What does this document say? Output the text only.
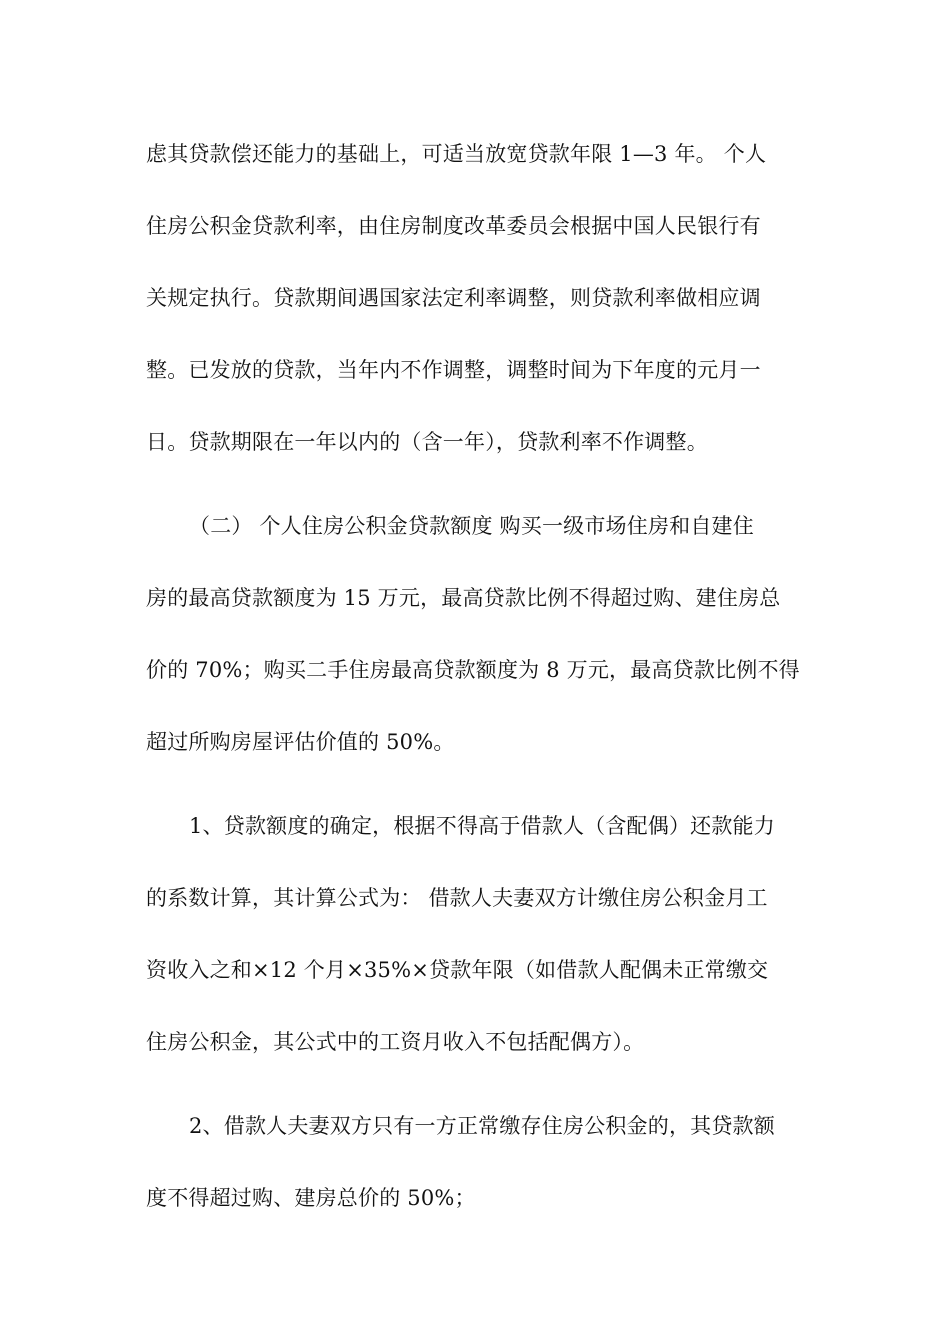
虑其贷款偿还能力的基础上，可适当放宽贷款年限 1—3 年。 个人
住房公积金贷款利率，由住房制度改革委员会根据中国人民银行有
关规定执行。贷款期间遇国家法定利率调整，则贷款利率做相应调
整。已发放的贷款，当年内不作调整，调整时间为下年度的元月一
日。贷款期限在一年以内的（含一年），贷款利率不作调整。
（二） 个人住房公积金贷款额度 购买一级市场住房和自建住
房的最高贷款额度为 15 万元，最高贷款比例不得超过购、建住房总
价的 70%；购买二手住房最高贷款额度为 8 万元，最高贷款比例不得
超过所购房屋评估价值的 50%。
1、贷款额度的确定，根据不得高于借款人（含配偶）还款能力
的系数计算，其计算公式为： 借款人夫妻双方计缴住房公积金月工
资收入之和×12 个月×35%×贷款年限（如借款人配偶未正常缴交
住房公积金，其公式中的工资月收入不包括配偶方）。
2、借款人夫妻双方只有一方正常缴存住房公积金的，其贷款额
度不得超过购、建房总价的 50%；
